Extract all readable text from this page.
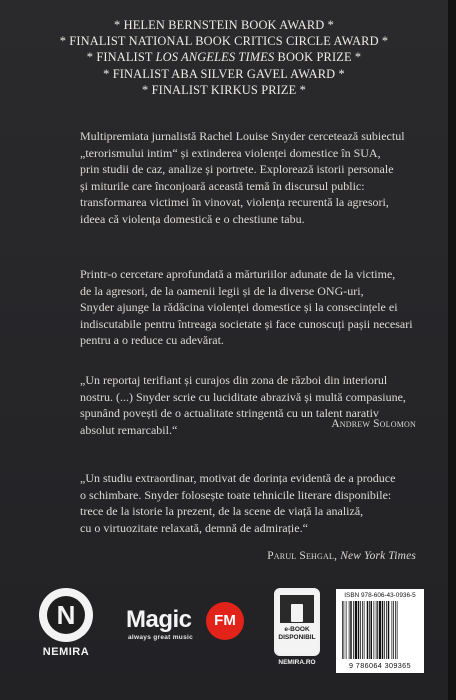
* HELEN BERNSTEIN BOOK AWARD *
* FINALIST NATIONAL BOOK CRITICS CIRCLE AWARD *
* FINALIST LOS ANGELES TIMES BOOK PRIZE *
* FINALIST ABA SILVER GAVEL AWARD *
* FINALIST KIRKUS PRIZE *

Multipremiata jurnalistă Rachel Louise Snyder cercetează subiectul
„terorismului intim“ și extinderea violenței domestice în SUA,
prin studii de caz, analize și portrete. Explorează istorii personale
și miturile care înconjoară această temă în discursul public:
transformarea victimei în vinovat, violența recurentă la agresori,
ideea că violența domestică e o chestiune tabu.

Printr-o cercetare aprofundată a mărturiilor adunate de la victime,
de la agresori, de la oamenii legii și de la diverse ONG-uri,
Snyder ajunge la rădăcina violenței domestice și la consecințele ei
indiscutabile pentru întreaga societate și face cunoscuți pașii necesari
pentru a o reduce cu adevărat.

„Un reportaj terifiant și curajos din zona de război din interiorul
nostru. (...) Snyder scrie cu luciditate abrazivă și multă compasiune,
spunând povești de o actualitate stringentă cu un talent narativ
absolut remarcabil.“	Andrew Solomon

„Un studiu extraordinar, motivat de dorința evidentă de a produce
o schimbare. Snyder folosește toate tehnicile literare disponibile:
trece de la istorie la prezent, de la scene de viață la analiză,
cu o virtuozitate relaxată, demnă de admirație.“

Parul Sehgal, New York Times
N
NEMIRA
Magic	FM
always great music
e-BOOK
DISPONIBIL
NEMIRA.RO
ISBN 978-606-43-0936-5
9 786064 309365
